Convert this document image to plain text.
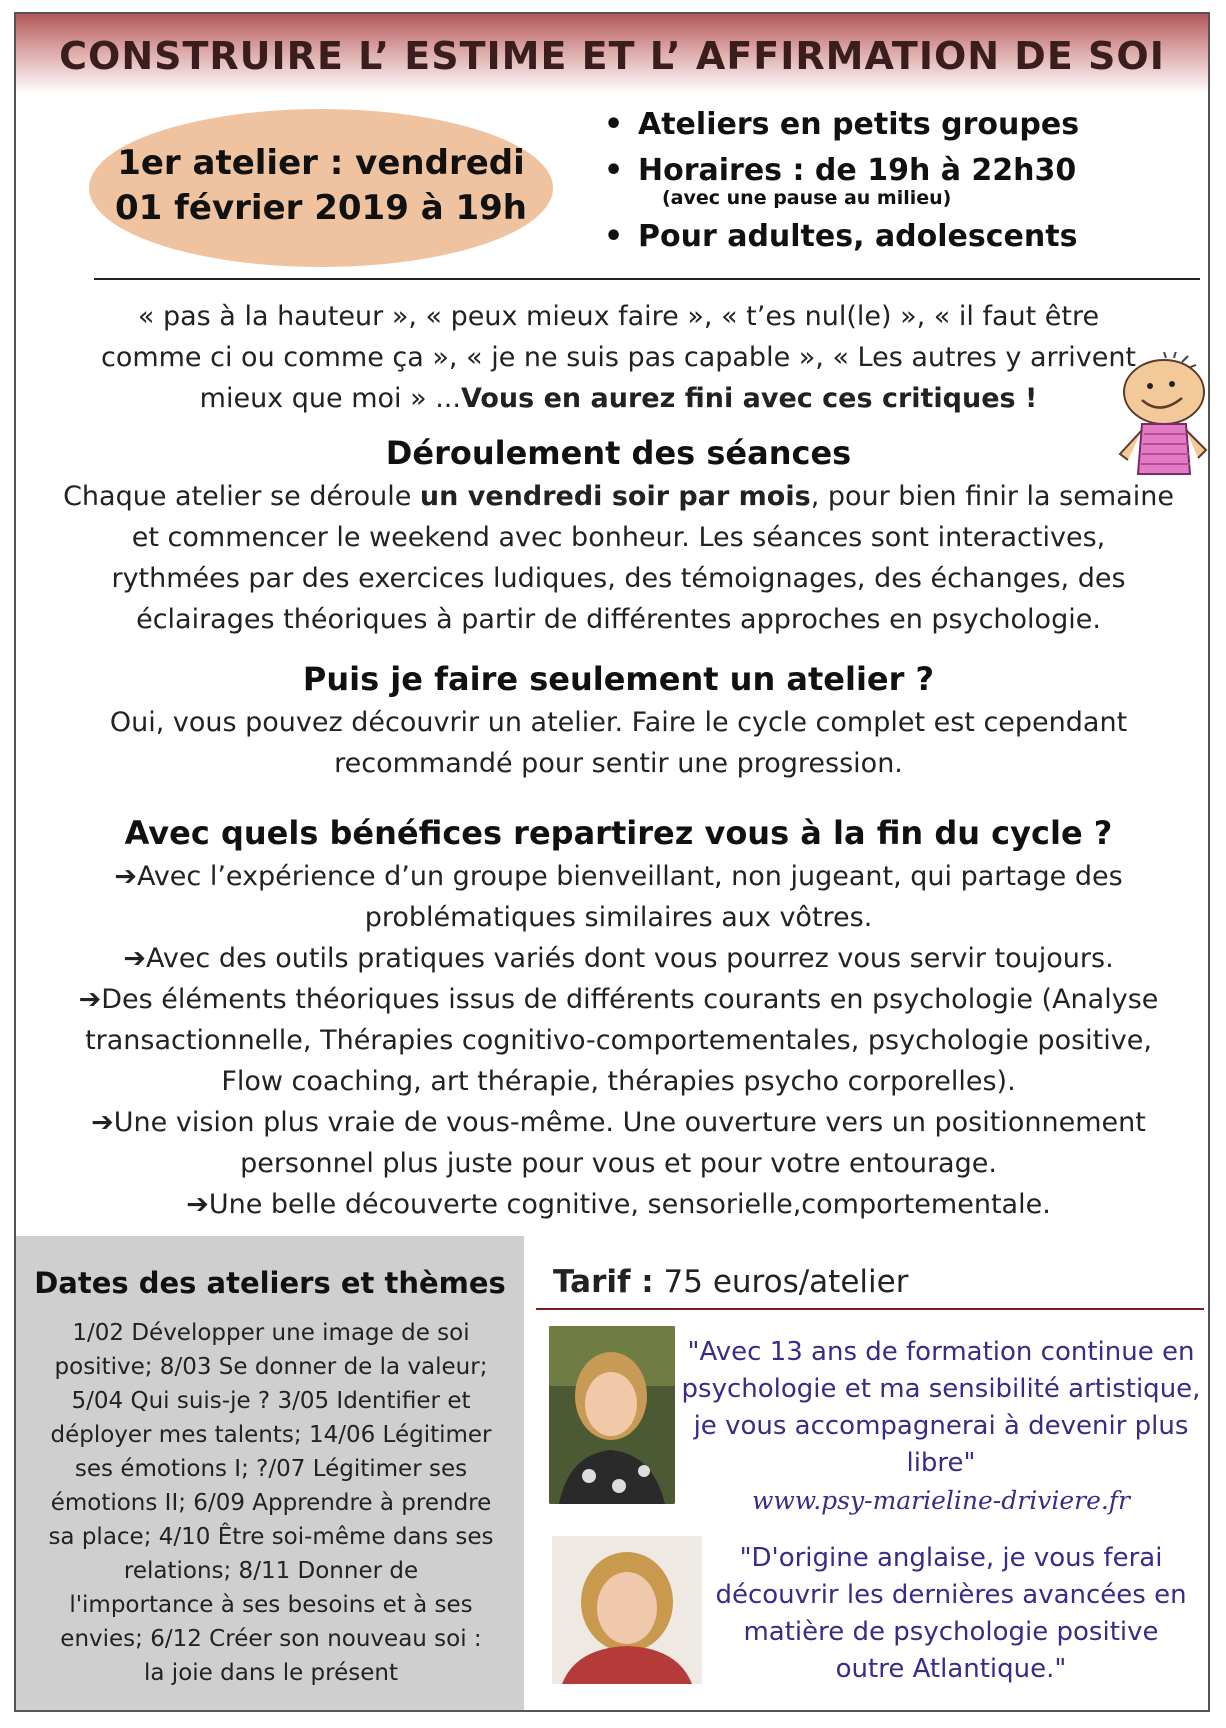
CONSTRUIRE L’ ESTIME ET L’ AFFIRMATION DE SOI
1er atelier : vendredi
01 février 2019 à 19h
• Ateliers en petits groupes
• Horaires : de 19h à 22h30
(avec une pause au milieu)
• Pour adultes, adolescents
« pas à la hauteur », « peux mieux faire », « t’es nul(le) », « il faut être
comme ci ou comme ça », « je ne suis pas capable », « Les autres y arrivent
mieux que moi » ...Vous en aurez fini avec ces critiques !
Déroulement des séances
Chaque atelier se déroule un vendredi soir par mois, pour bien finir la semaine
et commencer le weekend avec bonheur. Les séances sont interactives,
rythmées par des exercices ludiques, des témoignages, des échanges, des
éclairages théoriques à partir de différentes approches en psychologie.
Puis je faire seulement un atelier ?
Oui, vous pouvez découvrir un atelier. Faire le cycle complet est cependant
recommandé pour sentir une progression.
Avec quels bénéfices repartirez vous à la fin du cycle ?
➔Avec l’expérience d’un groupe bienveillant, non jugeant, qui partage des
problématiques similaires aux vôtres.
➔Avec des outils pratiques variés dont vous pourrez vous servir toujours.
➔Des éléments théoriques issus de différents courants en psychologie (Analyse
transactionnelle, Thérapies cognitivo-comportementales, psychologie positive,
Flow coaching, art thérapie, thérapies psycho corporelles).
➔Une vision plus vraie de vous-même. Une ouverture vers un positionnement
personnel plus juste pour vous et pour votre entourage.
➔Une belle découverte cognitive, sensorielle,comportementale.
Dates des ateliers et thèmes
1/02 Développer une image de soi
positive; 8/03 Se donner de la valeur;
5/04 Qui suis-je ? 3/05 Identifier et
déployer mes talents; 14/06 Légitimer
ses émotions I; ?/07 Légitimer ses
émotions II; 6/09 Apprendre à prendre
sa place; 4/10 Être soi-même dans ses
relations; 8/11 Donner de
l'importance à ses besoins et à ses
envies; 6/12 Créer son nouveau soi :
la joie dans le présent
Tarif : 75 euros/atelier
"Avec 13 ans de formation continue en
psychologie et ma sensibilité artistique,
je vous accompagnerai à devenir plus
libre"
www.psy-marieline-driviere.fr
"D'origine anglaise, je vous ferai
découvrir les dernières avancées en
matière de psychologie positive
outre Atlantique."
